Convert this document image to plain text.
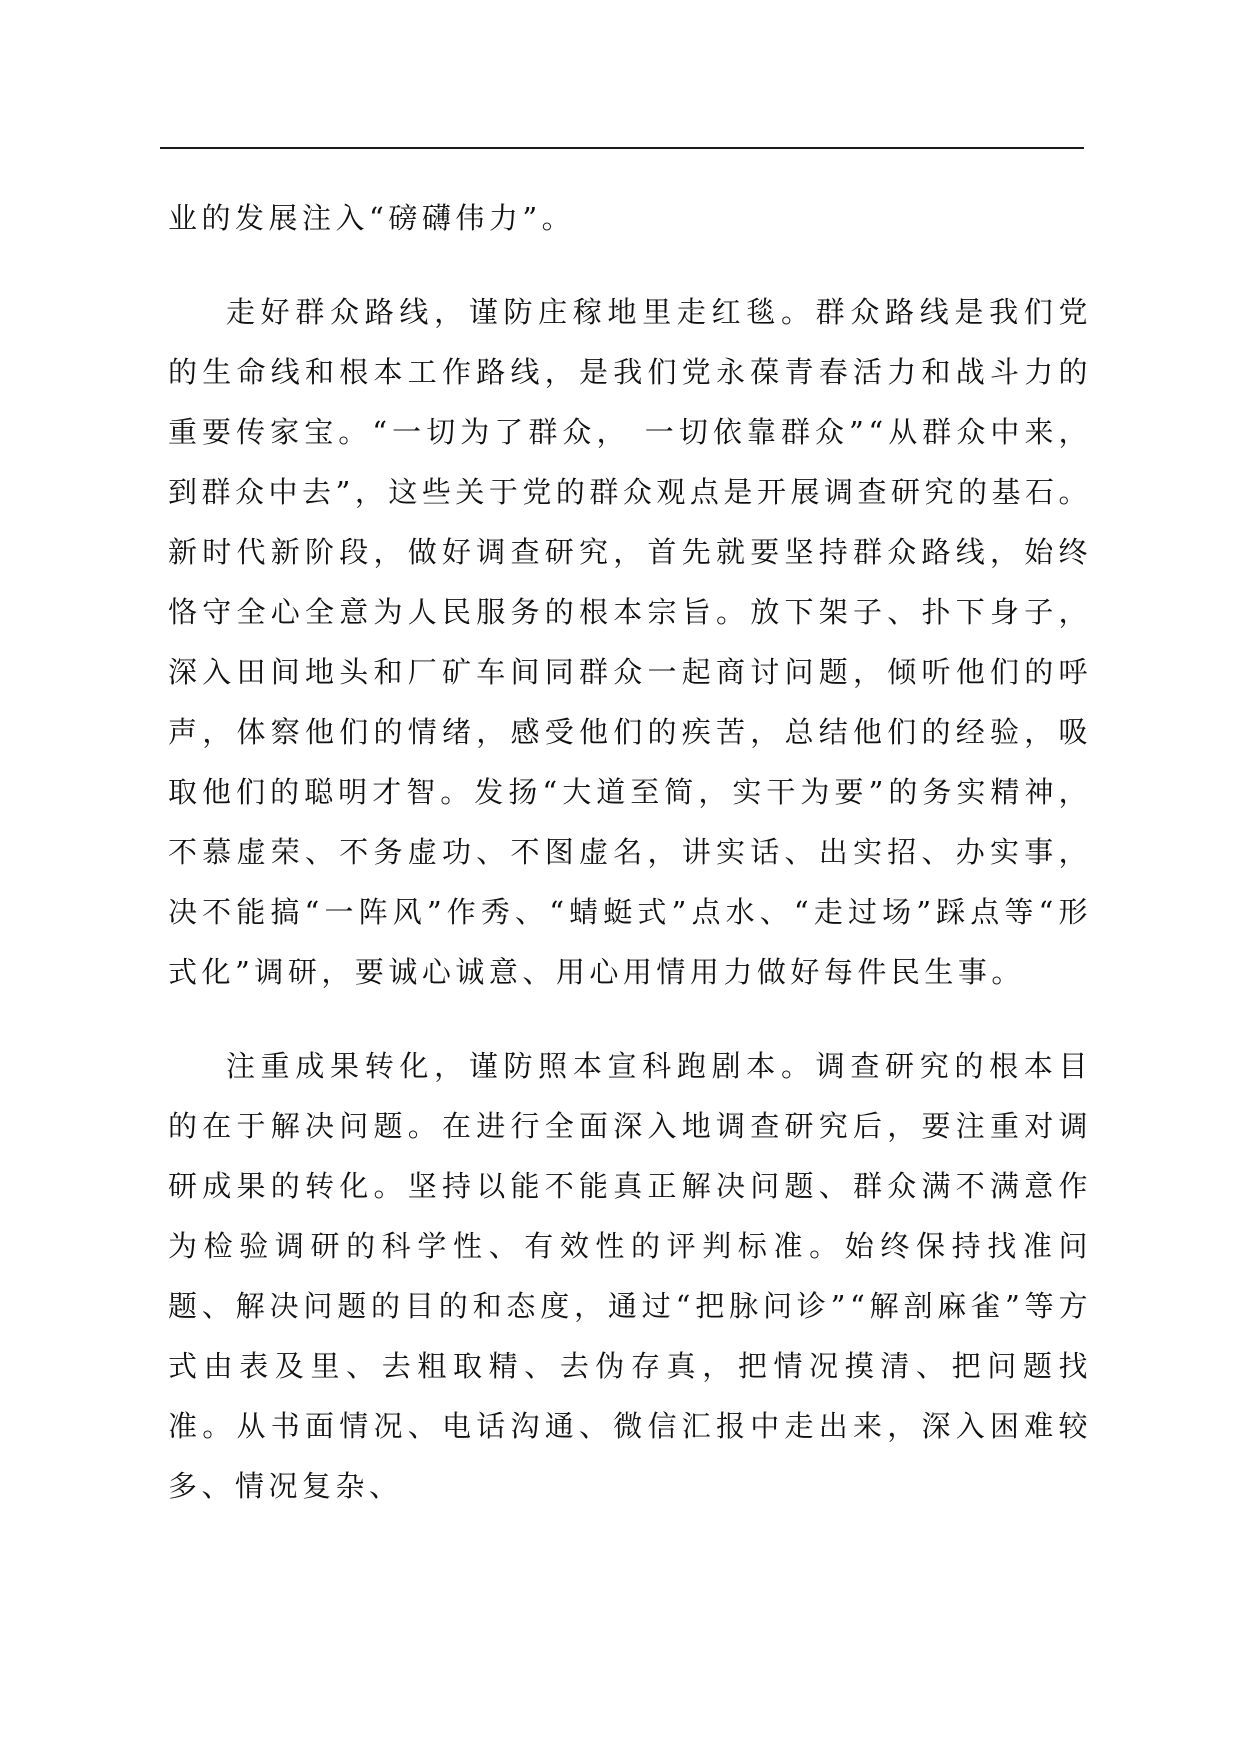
业的发展注入“磅礴伟力”。

走好群众路线，谨防庄稼地里走红毯。群众路线是我们党的生命线和根本工作路线，是我们党永葆青春活力和战斗力的重要传家宝。“一切为了群众， 一切依靠群众”“从群众中来，到群众中去”，这些关于党的群众观点是开展调查研究的基石。新时代新阶段，做好调查研究，首先就要坚持群众路线，始终恪守全心全意为人民服务的根本宗旨。放下架子、扑下身子，深入田间地头和厂矿车间同群众一起商讨问题，倾听他们的呼声，体察他们的情绪，感受他们的疾苦，总结他们的经验，吸取他们的聪明才智。发扬“大道至简，实干为要”的务实精神，不慕虚荣、不务虚功、不图虚名，讲实话、出实招、办实事，决不能搞“一阵风”作秀、“蜻蜓式”点水、“走过场”踩点等“形式化”调研，要诚心诚意、用心用情用力做好每件民生事。

注重成果转化，谨防照本宣科跑剧本。调查研究的根本目的在于解决问题。在进行全面深入地调查研究后，要注重对调研成果的转化。坚持以能不能真正解决问题、群众满不满意作为检验调研的科学性、有效性的评判标准。始终保持找准问题、解决问题的目的和态度，通过“把脉问诊”“解剖麻雀”等方式由表及里、去粗取精、去伪存真，把情况摸清、把问题找准。从书面情况、电话沟通、微信汇报中走出来，深入困难较多、情况复杂、
